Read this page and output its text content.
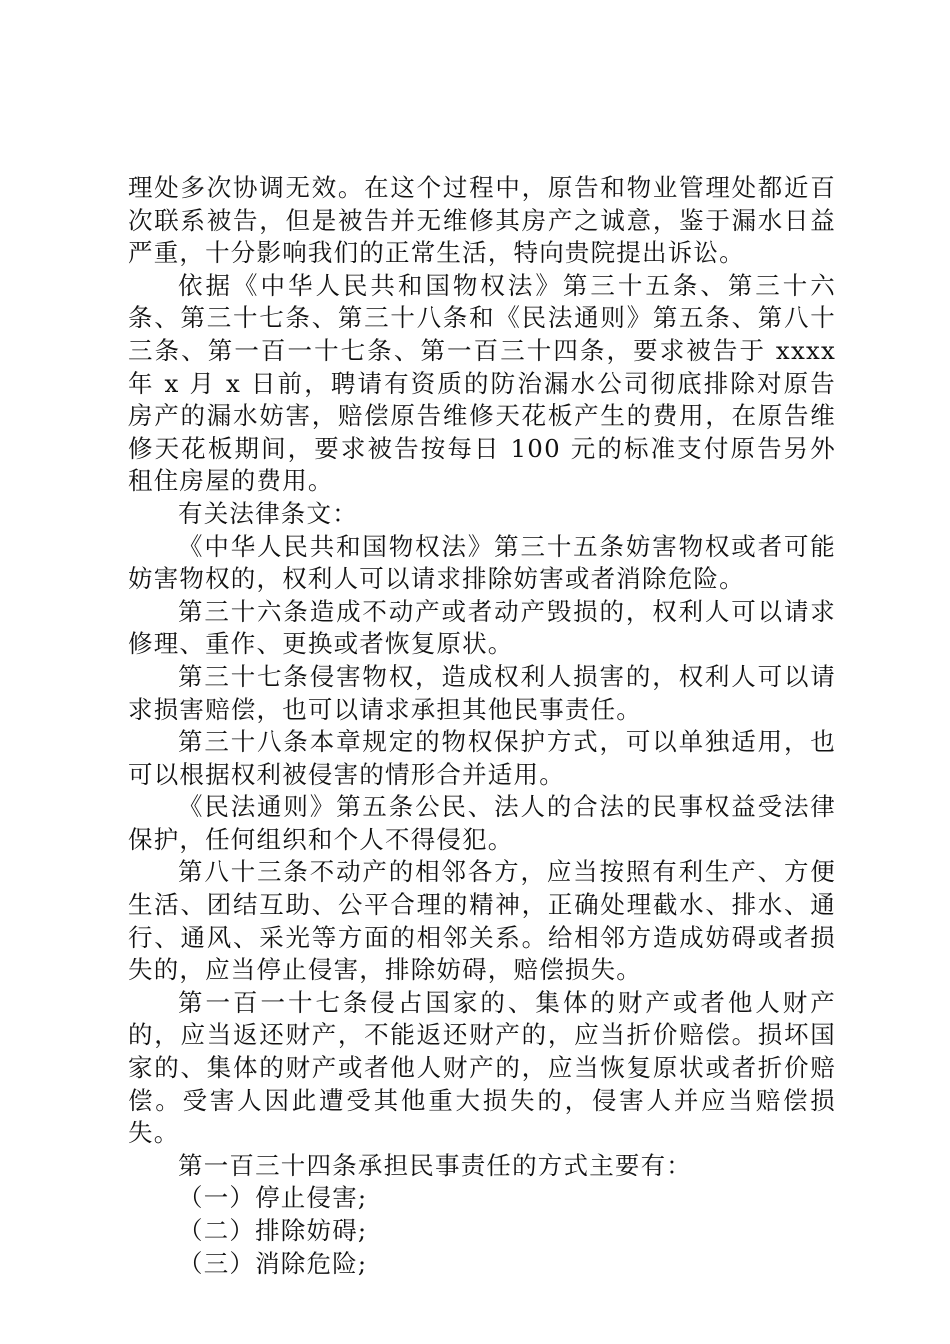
理处多次协调无效。在这个过程中，原告和物业管理处都近百次联系被告，但是被告并无维修其房产之诚意，鉴于漏水日益严重，十分影响我们的正常生活，特向贵院提出诉讼。

依据《中华人民共和国物权法》第三十五条、第三十六条、第三十七条、第三十八条和《民法通则》第五条、第八十三条、第一百一十七条、第一百三十四条，要求被告于 xxxx 年 x 月 x 日前，聘请有资质的防治漏水公司彻底排除对原告房产的漏水妨害，赔偿原告维修天花板产生的费用，在原告维修天花板期间，要求被告按每日 100 元的标准支付原告另外租住房屋的费用。

有关法律条文：

《中华人民共和国物权法》第三十五条妨害物权或者可能妨害物权的，权利人可以请求排除妨害或者消除危险。

第三十六条造成不动产或者动产毁损的，权利人可以请求修理、重作、更换或者恢复原状。

第三十七条侵害物权，造成权利人损害的，权利人可以请求损害赔偿，也可以请求承担其他民事责任。

第三十八条本章规定的物权保护方式，可以单独适用，也可以根据权利被侵害的情形合并适用。

《民法通则》第五条公民、法人的合法的民事权益受法律保护，任何组织和个人不得侵犯。

第八十三条不动产的相邻各方，应当按照有利生产、方便生活、团结互助、公平合理的精神，正确处理截水、排水、通行、通风、采光等方面的相邻关系。给相邻方造成妨碍或者损失的，应当停止侵害，排除妨碍，赔偿损失。

第一百一十七条侵占国家的、集体的财产或者他人财产的，应当返还财产，不能返还财产的，应当折价赔偿。损坏国家的、集体的财产或者他人财产的，应当恢复原状或者折价赔偿。受害人因此遭受其他重大损失的，侵害人并应当赔偿损失。

第一百三十四条承担民事责任的方式主要有：

（一）停止侵害;

（二）排除妨碍;

（三）消除危险;
